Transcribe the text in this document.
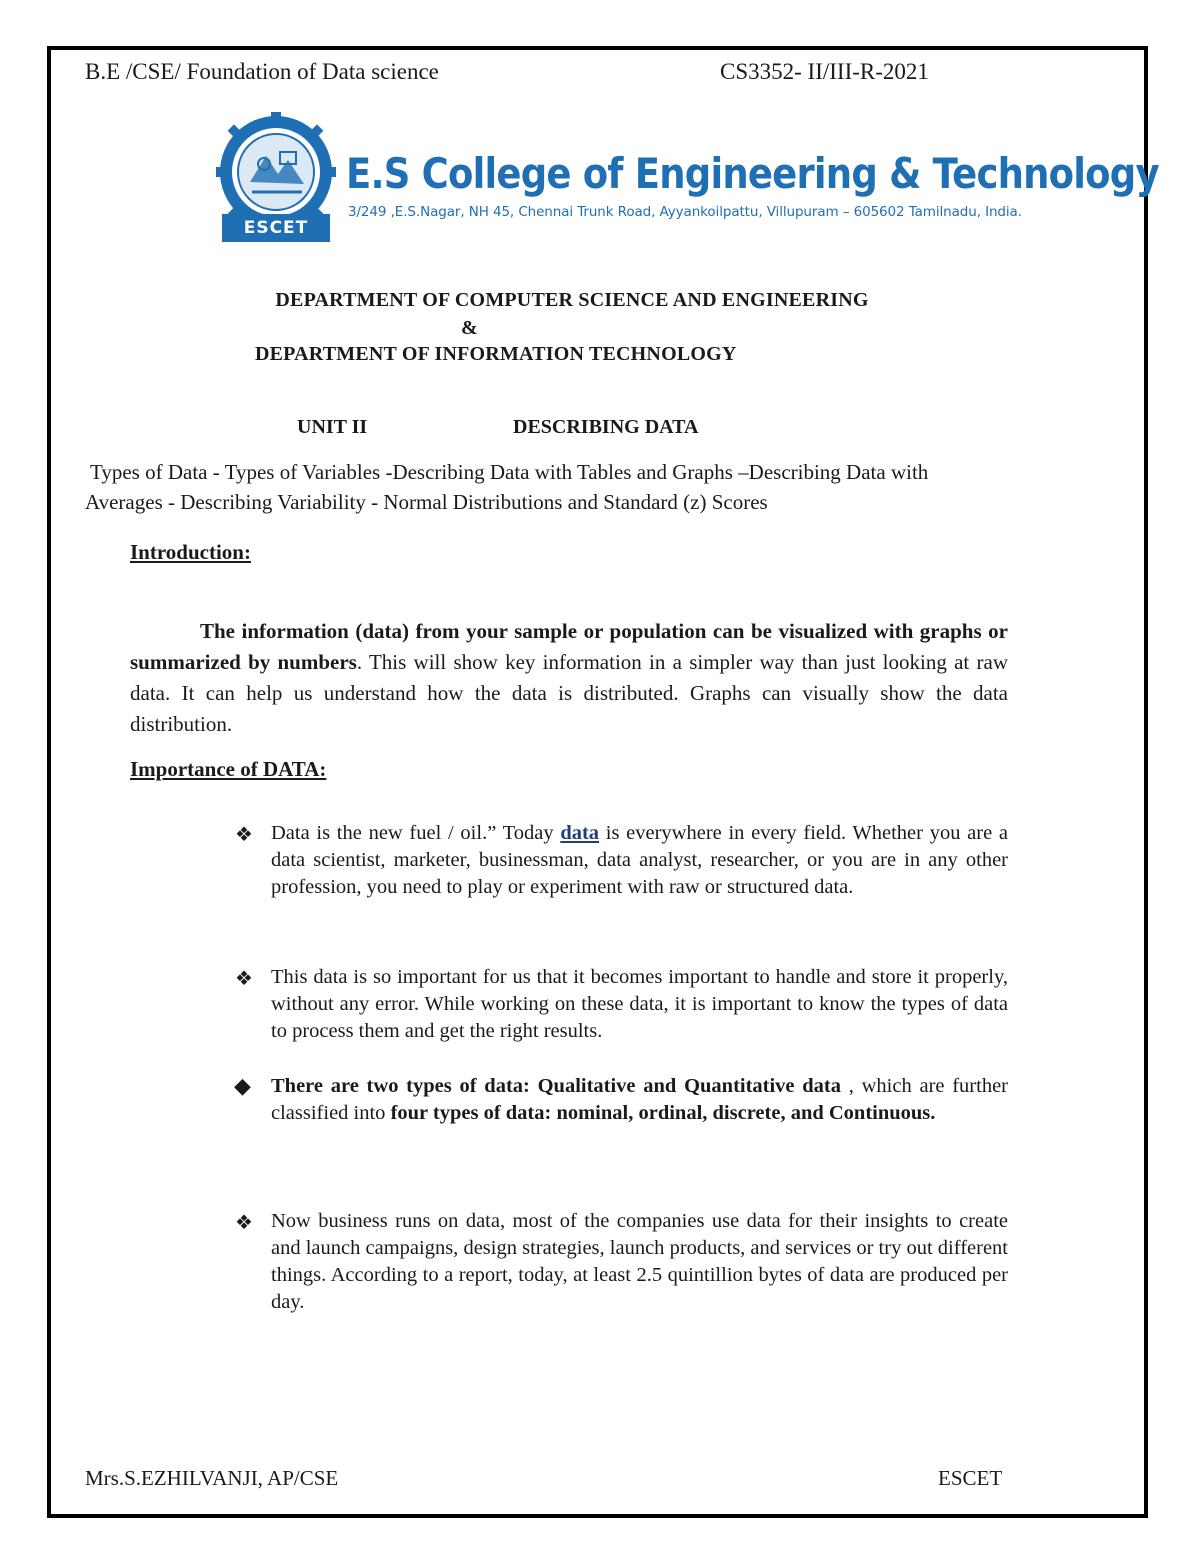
B.E /CSE/ Foundation of Data science	CS3352- II/III-R-2021
ESCET
E.S College of Engineering & Technology
3/249 ,E.S.Nagar, NH 45, Chennai Trunk Road, Ayyankoilpattu, Villupuram – 605602 Tamilnadu, India.
DEPARTMENT OF COMPUTER SCIENCE AND ENGINEERING
&
DEPARTMENT OF INFORMATION TECHNOLOGY
UNIT II	DESCRIBING DATA
Types of Data - Types of Variables -Describing Data with Tables and Graphs –Describing Data with
Averages - Describing Variability - Normal Distributions and Standard (z) Scores
Introduction:
The information (data) from your sample or population can be visualized with graphs or summarized by numbers. This will show key information in a simpler way than just looking at raw data. It can help us understand how the data is distributed. Graphs can visually show the data distribution.
Importance of DATA:
❖ Data is the new fuel / oil.” Today data is everywhere in every field. Whether you are a data scientist, marketer, businessman, data analyst, researcher, or you are in any other profession, you need to play or experiment with raw or structured data.
❖ This data is so important for us that it becomes important to handle and store it properly, without any error. While working on these data, it is important to know the types of data to process them and get the right results.
◆ There are two types of data: Qualitative and Quantitative data , which are further classified into four types of data: nominal, ordinal, discrete, and Continuous.
❖ Now business runs on data, most of the companies use data for their insights to create and launch campaigns, design strategies, launch products, and services or try out different things. According to a report, today, at least 2.5 quintillion bytes of data are produced per day.
Mrs.S.EZHILVANJI, AP/CSE	ESCET
